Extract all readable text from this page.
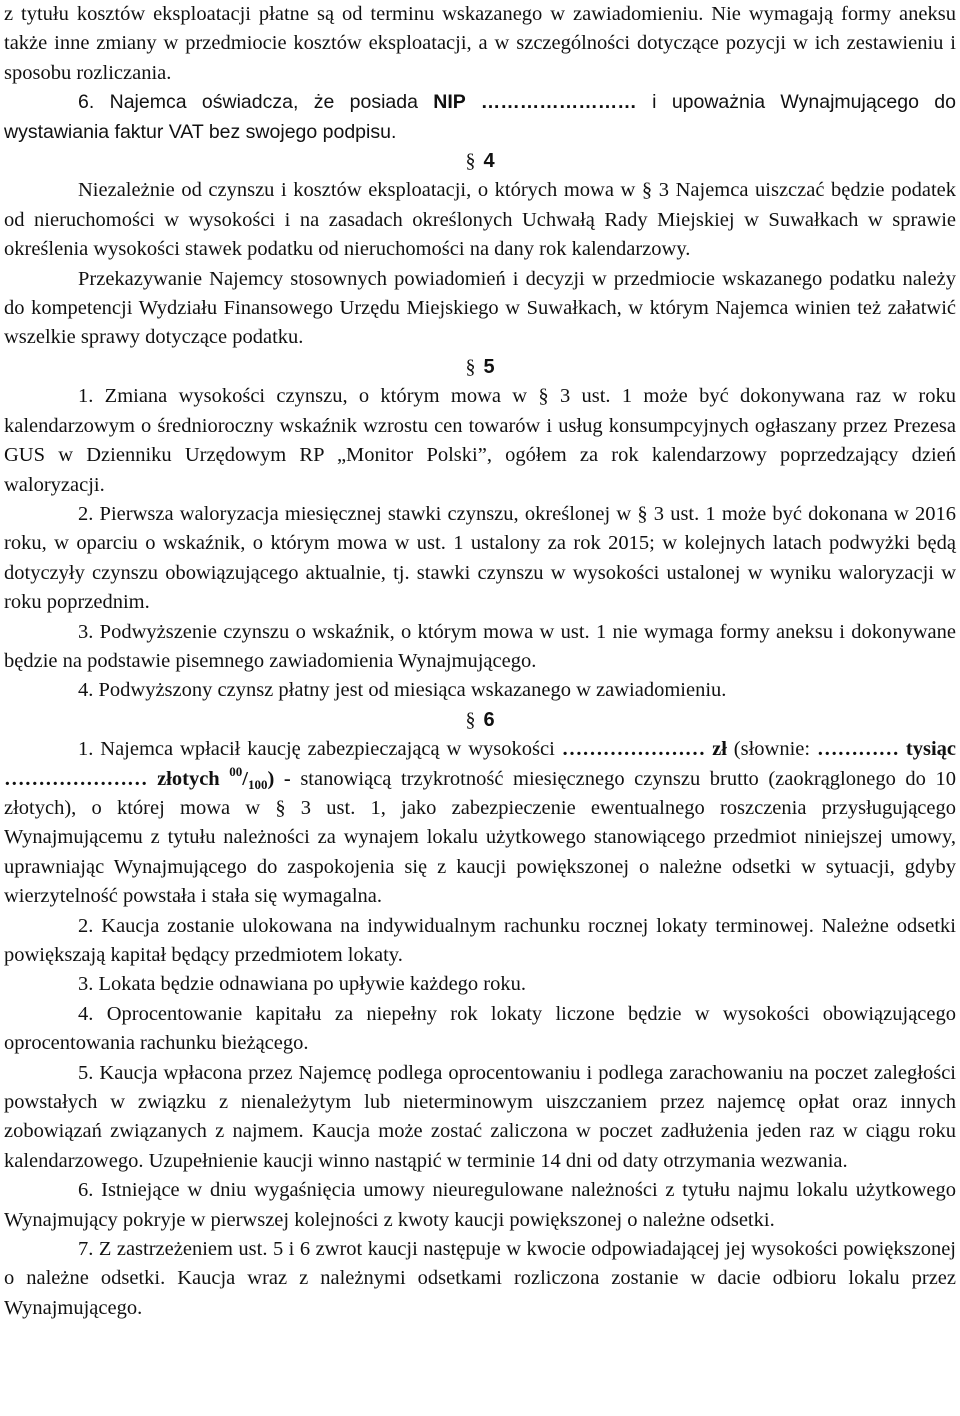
z tytułu kosztów eksploatacji płatne są od terminu wskazanego w zawiadomieniu. Nie wymagają formy aneksu także inne zmiany w przedmiocie kosztów eksploatacji, a w szczególności dotyczące pozycji w ich zestawieniu i sposobu rozliczania.

6. Najemca oświadcza, że posiada NIP …………………… i upoważnia Wynajmującego do wystawiania faktur VAT bez swojego podpisu.

§ 4

Niezależnie od czynszu i kosztów eksploatacji, o których mowa w § 3 Najemca uiszczać będzie podatek od nieruchomości w wysokości i na zasadach określonych Uchwałą Rady Miejskiej w Suwałkach w sprawie określenia wysokości stawek podatku od nieruchomości na dany rok kalendarzowy.

Przekazywanie Najemcy stosownych powiadomień i decyzji w przedmiocie wskazanego podatku należy do kompetencji Wydziału Finansowego Urzędu Miejskiego w Suwałkach, w którym Najemca winien też załatwić wszelkie sprawy dotyczące podatku.

§ 5

1. Zmiana wysokości czynszu, o którym mowa w § 3 ust. 1 może być dokonywana raz w roku kalendarzowym o średnioroczny wskaźnik wzrostu cen towarów i usług konsumpcyjnych ogłaszany przez Prezesa GUS w Dzienniku Urzędowym RP „Monitor Polski”, ogółem za rok kalendarzowy poprzedzający dzień waloryzacji.

2. Pierwsza waloryzacja miesięcznej stawki czynszu, określonej w § 3 ust. 1 może być dokonana w 2016 roku, w oparciu o wskaźnik, o którym mowa w ust. 1 ustalony za rok 2015; w kolejnych latach podwyżki będą dotyczyły czynszu obowiązującego aktualnie, tj. stawki czynszu w wysokości ustalonej w wyniku waloryzacji w roku poprzednim.

3. Podwyższenie czynszu o wskaźnik, o którym mowa w ust. 1 nie wymaga formy aneksu i dokonywane będzie na podstawie pisemnego zawiadomienia Wynajmującego.

4. Podwyższony czynsz płatny jest od miesiąca wskazanego w zawiadomieniu.

§ 6

1. Najemca wpłacił kaucję zabezpieczającą w wysokości ………………… zł (słownie: ………… tysiąc ………………… złotych $^{00}/_{100}$) - stanowiącą trzykrotność miesięcznego czynszu brutto (zaokrąglonego do 10 złotych), o której mowa w § 3 ust. 1, jako zabezpieczenie ewentualnego roszczenia przysługującego Wynajmującemu z tytułu należności za wynajem lokalu użytkowego stanowiącego przedmiot niniejszej umowy, uprawniając Wynajmującego do zaspokojenia się z kaucji powiększonej o należne odsetki w sytuacji, gdyby wierzytelność powstała i stała się wymagalna.

2. Kaucja zostanie ulokowana na indywidualnym rachunku rocznej lokaty terminowej. Należne odsetki powiększają kapitał będący przedmiotem lokaty.

3. Lokata będzie odnawiana po upływie każdego roku.

4. Oprocentowanie kapitału za niepełny rok lokaty liczone będzie w wysokości obowiązującego oprocentowania rachunku bieżącego.

5. Kaucja wpłacona przez Najemcę podlega oprocentowaniu i podlega zarachowaniu na poczet zaległości powstałych w związku z nienależytym lub nieterminowym uiszczaniem przez najemcę opłat oraz innych zobowiązań związanych z najmem. Kaucja może zostać zaliczona w poczet zadłużenia jeden raz w ciągu roku kalendarzowego. Uzupełnienie kaucji winno nastąpić w terminie 14 dni od daty otrzymania wezwania.

6. Istniejące w dniu wygaśnięcia umowy nieuregulowane należności z tytułu najmu lokalu użytkowego Wynajmujący pokryje w pierwszej kolejności z kwoty kaucji powiększonej o należne odsetki.

7. Z zastrzeżeniem ust. 5 i 6 zwrot kaucji następuje w kwocie odpowiadającej jej wysokości powiększonej o należne odsetki. Kaucja wraz z należnymi odsetkami rozliczona zostanie w dacie odbioru lokalu przez Wynajmującego.
